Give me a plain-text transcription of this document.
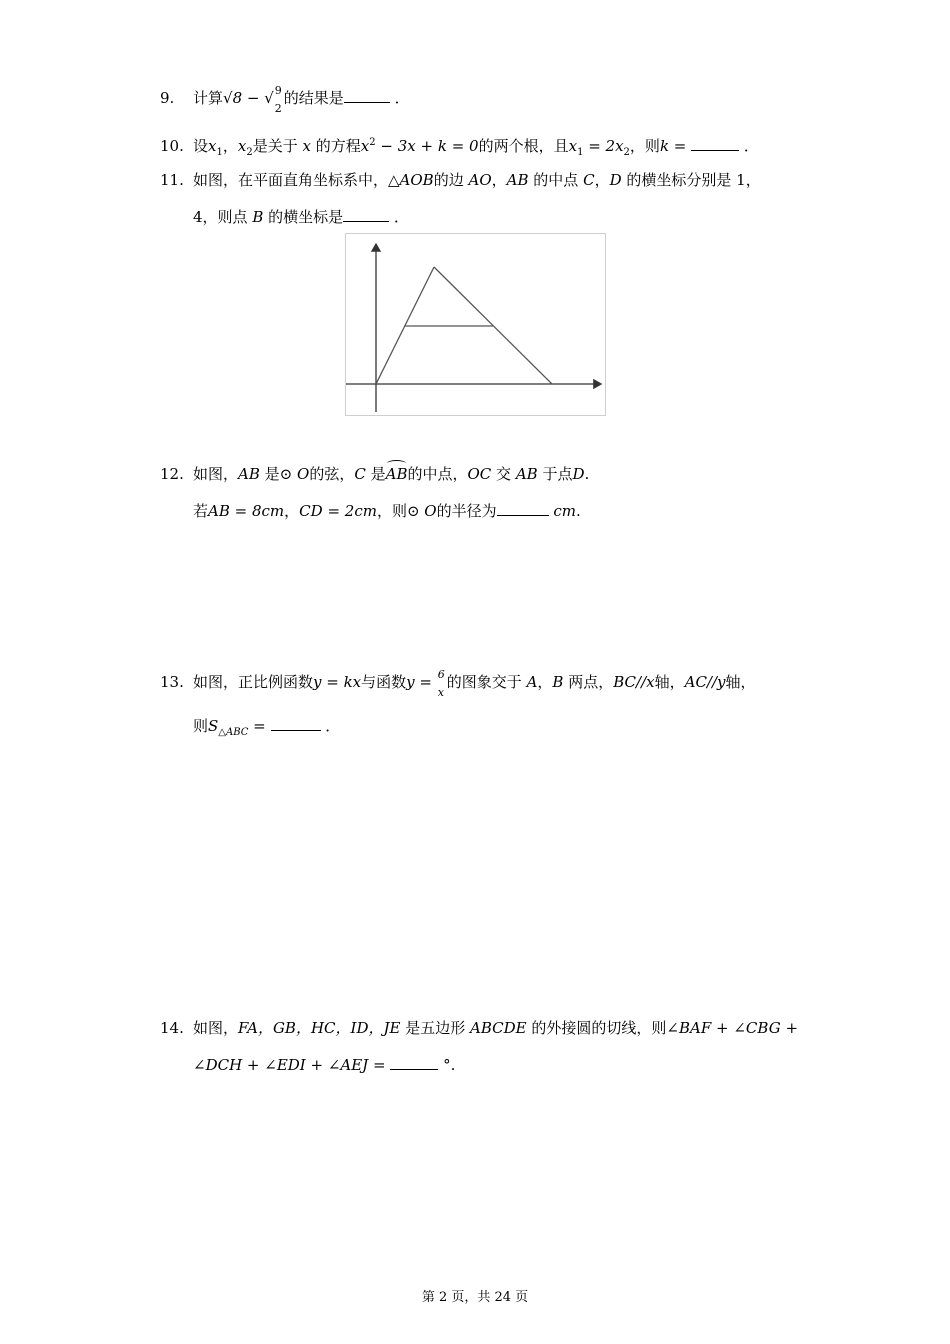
9. 计算√8 − √ 9
2
的结果是	．
10. 设$x_1$，$x_2$是关于 x 的方程$x^2 - 3x + k = 0$的两个根，且$x_1 = 2x_2$，则k =	．
11. 如图，在平面直角坐标系中，△AOB的边 AO，AB 的中点 C，D 的横坐标分别是 1，
4，则点 B 的横坐标是	．
12. 如图，AB 是⊙ O的弦，C 是AB的中点，OC 交 AB 于点D.
若AB = 8cm，CD = 2cm，则⊙ O的半径为	cm.
13. 如图，正比例函数y = kx与函数y = 6
x
的图象交于 A，B 两点，BC//x轴，AC//y轴，
则$S_{\triangle ABC}$ =	．
14. 如图，FA，GB，HC，ID，JE 是五边形 ABCDE 的外接圆的切线，则∠BAF + ∠CBG +
∠DCH + ∠EDI + ∠AEJ =	°.
第 2 页，共 24 页
